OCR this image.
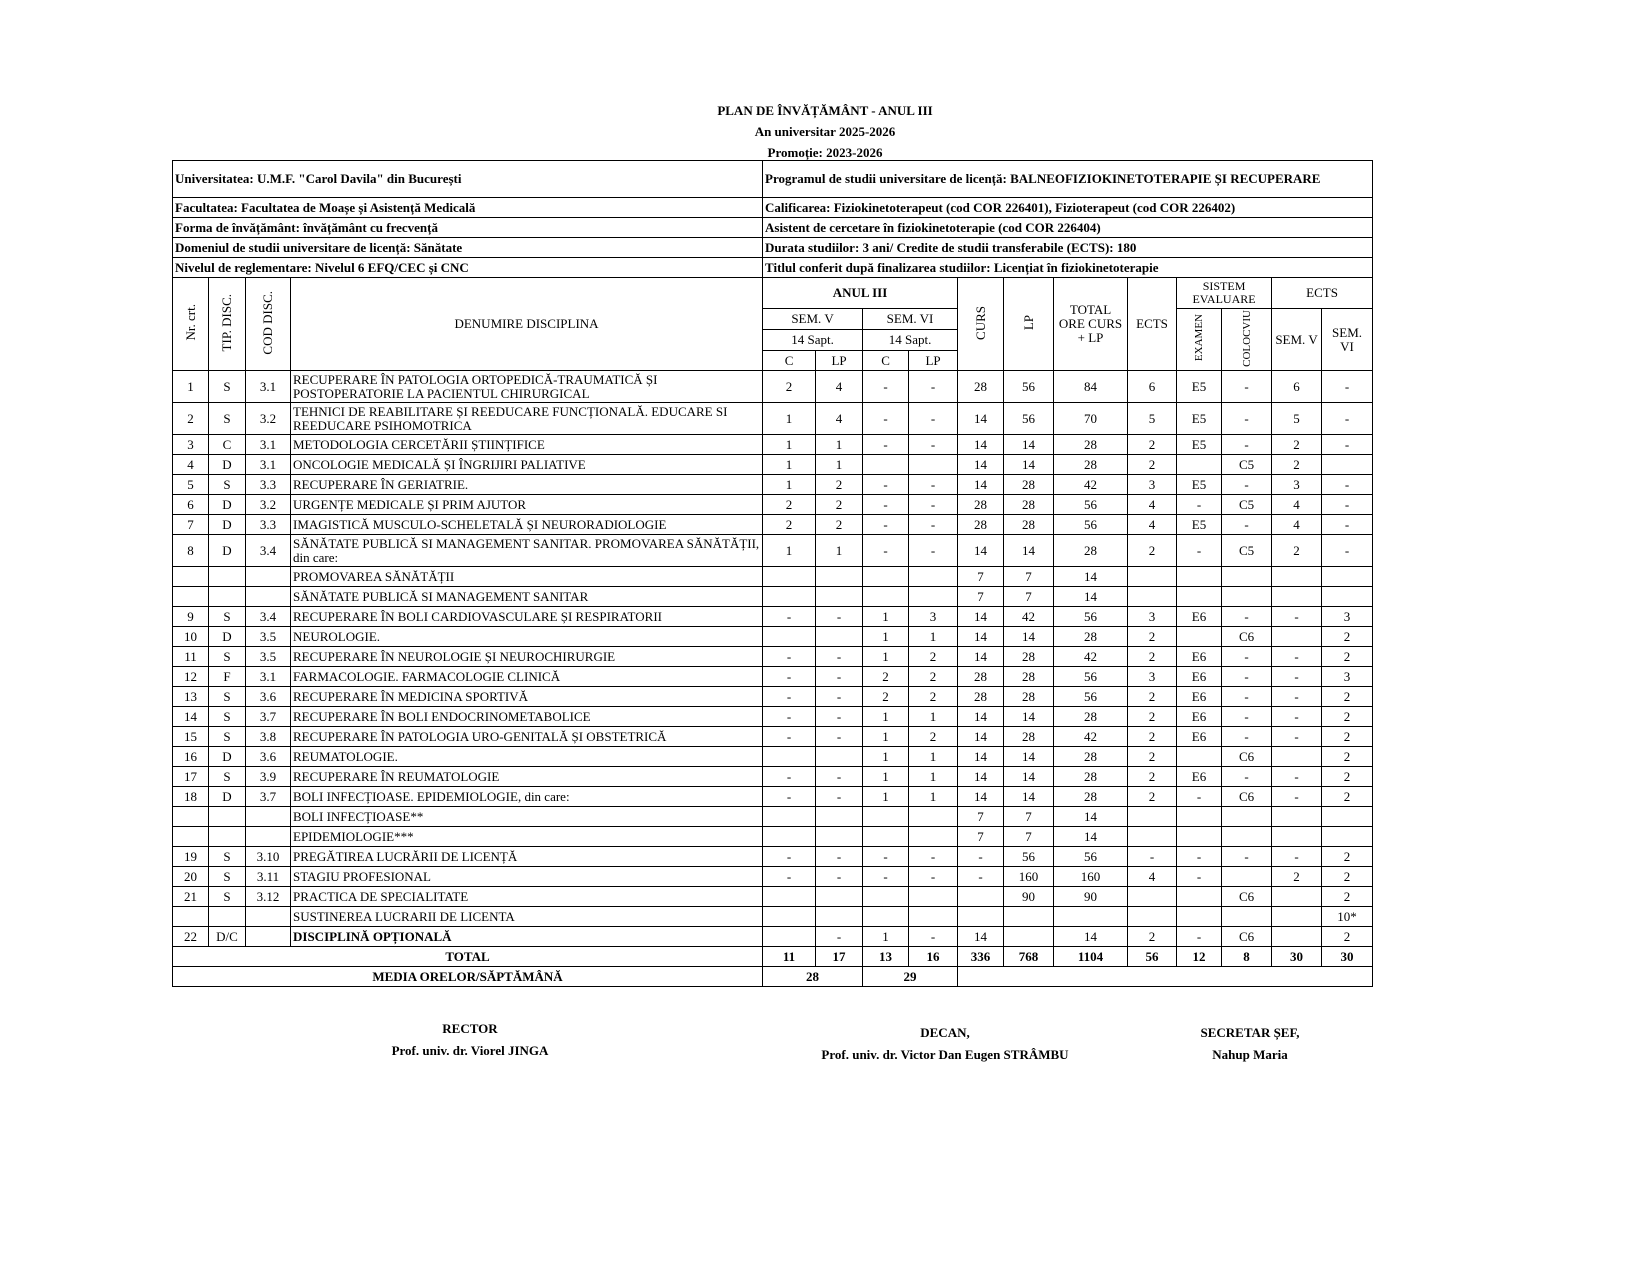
PLAN DE ÎNVĂȚĂMÂNT - ANUL III
An universitar 2025-2026
Promoție: 2023-2026
Universitatea: U.M.F. "Carol Davila" din București				Programul de studii universitare de licență: BALNEOFIZIOKINETOTERAPIE ȘI RECUPERARE											
Facultatea: Facultatea de Moașe și Asistență Medicală				Calificarea: Fiziokinetoterapeut (cod COR 226401), Fizioterapeut (cod COR 226402)											
Forma de învățământ: învățământ cu frecvență				Asistent de cercetare în fiziokinetoterapie (cod COR 226404)											
Domeniul de studii universitare de licență: Sănătate				Durata studiilor: 3 ani/ Credite de studii transferabile (ECTS): 180											
Nivelul de reglementare: Nivelul 6 EFQ/CEC și CNC				Titlul conferit după finalizarea studiilor: Licențiat în fiziokinetoterapie											
Nr. crt.	TIP. DISC.	COD DISC.	DENUMIRE DISCIPLINA	ANUL III				CURS	LP	TOTAL ORE CURS + LP	ECTS	SISTEM EVALUARE		ECTS	
				SEM. V		SEM. VI						EXAMEN	COLOCVIU	SEM. V	SEM. VI
				14 Sapt.		14 Sapt.									
				C	LP	C	LP								
1	S	3.1	RECUPERARE ÎN PATOLOGIA ORTOPEDICĂ-TRAUMATICĂ ȘI POSTOPERATORIE LA PACIENTUL CHIRURGICAL	2	4	-	-	28	56	84	6	E5	-	6	-
2	S	3.2	TEHNICI DE REABILITARE ȘI REEDUCARE FUNCȚIONALĂ. EDUCARE SI REEDUCARE PSIHOMOTRICA	1	4	-	-	14	56	70	5	E5	-	5	-
3	C	3.1	METODOLOGIA CERCETĂRII ȘTIINȚIFICE	1	1	-	-	14	14	28	2	E5	-	2	-
4	D	3.1	ONCOLOGIE MEDICALĂ ȘI ÎNGRIJIRI PALIATIVE	1	1			14	14	28	2		C5	2	
5	S	3.3	RECUPERARE ÎN GERIATRIE.	1	2	-	-	14	28	42	3	E5	-	3	-
6	D	3.2	URGENȚE MEDICALE ȘI PRIM AJUTOR	2	2	-	-	28	28	56	4	-	C5	4	-
7	D	3.3	IMAGISTICĂ MUSCULO-SCHELETALĂ ȘI NEURORADIOLOGIE	2	2	-	-	28	28	56	4	E5	-	4	-
8	D	3.4	SĂNĂTATE PUBLICĂ SI MANAGEMENT SANITAR. PROMOVAREA SĂNĂTĂȚII, din care:	1	1	-	-	14	14	28	2	-	C5	2	-
			PROMOVAREA SĂNĂTĂȚII					7	7	14					
			SĂNĂTATE PUBLICĂ SI MANAGEMENT SANITAR					7	7	14					
9	S	3.4	RECUPERARE ÎN BOLI CARDIOVASCULARE ȘI RESPIRATORII	-	-	1	3	14	42	56	3	E6	-	-	3
10	D	3.5	NEUROLOGIE.			1	1	14	14	28	2		C6		2
11	S	3.5	RECUPERARE ÎN NEUROLOGIE ȘI NEUROCHIRURGIE	-	-	1	2	14	28	42	2	E6	-	-	2
12	F	3.1	FARMACOLOGIE. FARMACOLOGIE CLINICĂ	-	-	2	2	28	28	56	3	E6	-	-	3
13	S	3.6	RECUPERARE ÎN MEDICINA SPORTIVĂ	-	-	2	2	28	28	56	2	E6	-	-	2
14	S	3.7	RECUPERARE ÎN BOLI ENDOCRINOMETABOLICE	-	-	1	1	14	14	28	2	E6	-	-	2
15	S	3.8	RECUPERARE ÎN PATOLOGIA URO-GENITALĂ ȘI OBSTETRICĂ	-	-	1	2	14	28	42	2	E6	-	-	2
16	D	3.6	REUMATOLOGIE.			1	1	14	14	28	2		C6		2
17	S	3.9	RECUPERARE ÎN REUMATOLOGIE	-	-	1	1	14	14	28	2	E6	-	-	2
18	D	3.7	BOLI INFECȚIOASE. EPIDEMIOLOGIE, din care:	-	-	1	1	14	14	28	2	-	C6	-	2
			BOLI INFECȚIOASE**					7	7	14					
			EPIDEMIOLOGIE***					7	7	14					
19	S	3.10	PREGĂTIREA LUCRĂRII DE LICENȚĂ	-	-	-	-	-	56	56	-	-	-	-	2
20	S	3.11	STAGIU PROFESIONAL	-	-	-	-	-	160	160	4	-		2	2
21	S	3.12	PRACTICA DE SPECIALITATE						90	90			C6		2
			SUSTINEREA LUCRARII DE LICENTA												10*
22	D/C		DISCIPLINĂ OPȚIONALĂ		-	1	-	14		14	2	-	C6		2
TOTAL				11	17	13	16	336	768	1104	56	12	8	30	30
MEDIA ORELOR/SĂPTĂMÂNĂ				28		29									
RECTOR
Prof. univ. dr. Viorel JINGA
DECAN,
Prof. univ. dr. Victor Dan Eugen STRÂMBU
SECRETAR ȘEF,
Nahup Maria
